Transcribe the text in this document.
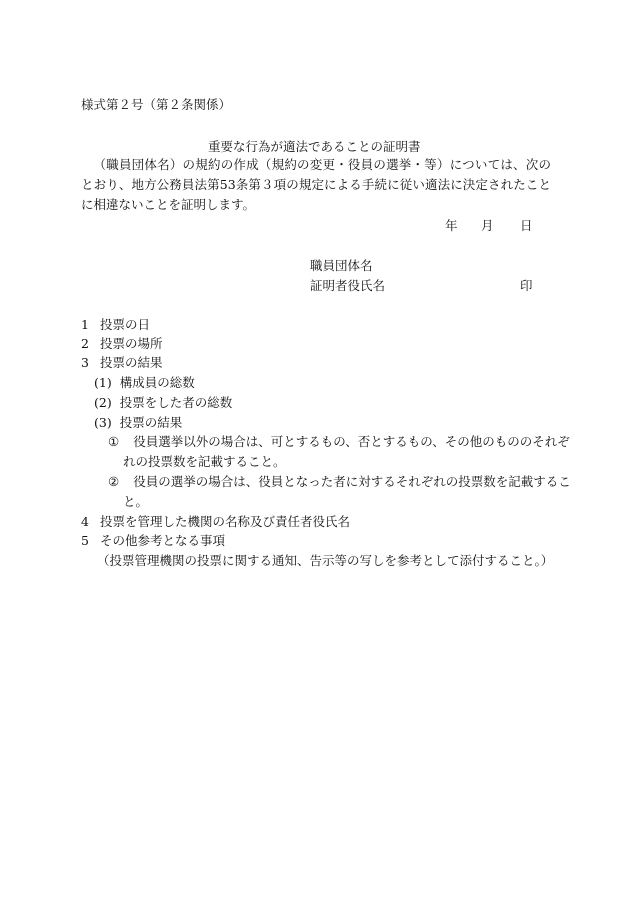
様式第２号（第２条関係）
重要な行為が適法であることの証明書
（職員団体名）の規約の作成（規約の変更・役員の選挙・等）については、次のとおり、地方公務員法第53条第３項の規定による手続に従い適法に決定されたことに相違ないことを証明します。
年 月 日
職員団体名
証明者役氏名	印
1 投票の日
2 投票の場所
3 投票の結果
(1) 構成員の総数
(2) 投票をした者の総数
(3) 投票の結果
① 役員選挙以外の場合は、可とするもの、否とするもの、その他のもののそれぞれの投票数を記載すること。
② 役員の選挙の場合は、役員となった者に対するそれぞれの投票数を記載すること。
4 投票を管理した機関の名称及び責任者役氏名
5 その他参考となる事項
（投票管理機関の投票に関する通知、告示等の写しを参考として添付すること。）
